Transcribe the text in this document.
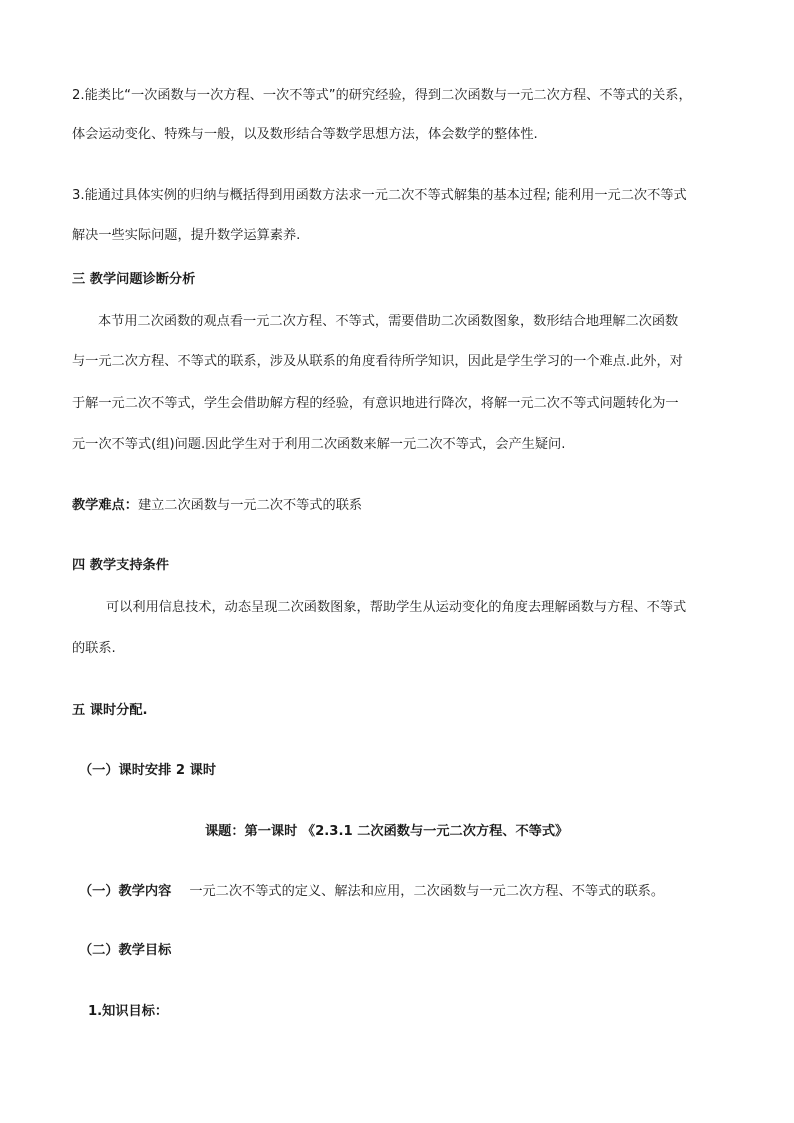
2.能类比“一次函数与一次方程、一次不等式”的研究经验，得到二次函数与一元二次方程、不等式的关系，
体会运动变化、特殊与一般，以及数形结合等数学思想方法，体会数学的整体性.
3.能通过具体实例的归纳与概括得到用函数方法求一元二次不等式解集的基本过程; 能利用一元二次不等式
解决一些实际问题，提升数学运算素养.
三 教学问题诊断分析
本节用二次函数的观点看一元二次方程、不等式，需要借助二次函数图象，数形结合地理解二次函数
与一元二次方程、不等式的联系，涉及从联系的角度看待所学知识，因此是学生学习的一个难点.此外，对
于解一元二次不等式，学生会借助解方程的经验，有意识地进行降次，将解一元二次不等式问题转化为一
元一次不等式(组)问题.因此学生对于利用二次函数来解一元二次不等式，会产生疑问.
教学难点：建立二次函数与一元二次不等式的联系
四 教学支持条件
可以利用信息技术，动态呈现二次函数图象，帮助学生从运动变化的角度去理解函数与方程、不等式
的联系.
五 课时分配.
（一）课时安排 2 课时
课题：第一课时 《2.3.1 二次函数与一元二次方程、不等式》
（一）教学内容 一元二次不等式的定义、解法和应用，二次函数与一元二次方程、不等式的联系。
（二）教学目标
1.知识目标：
